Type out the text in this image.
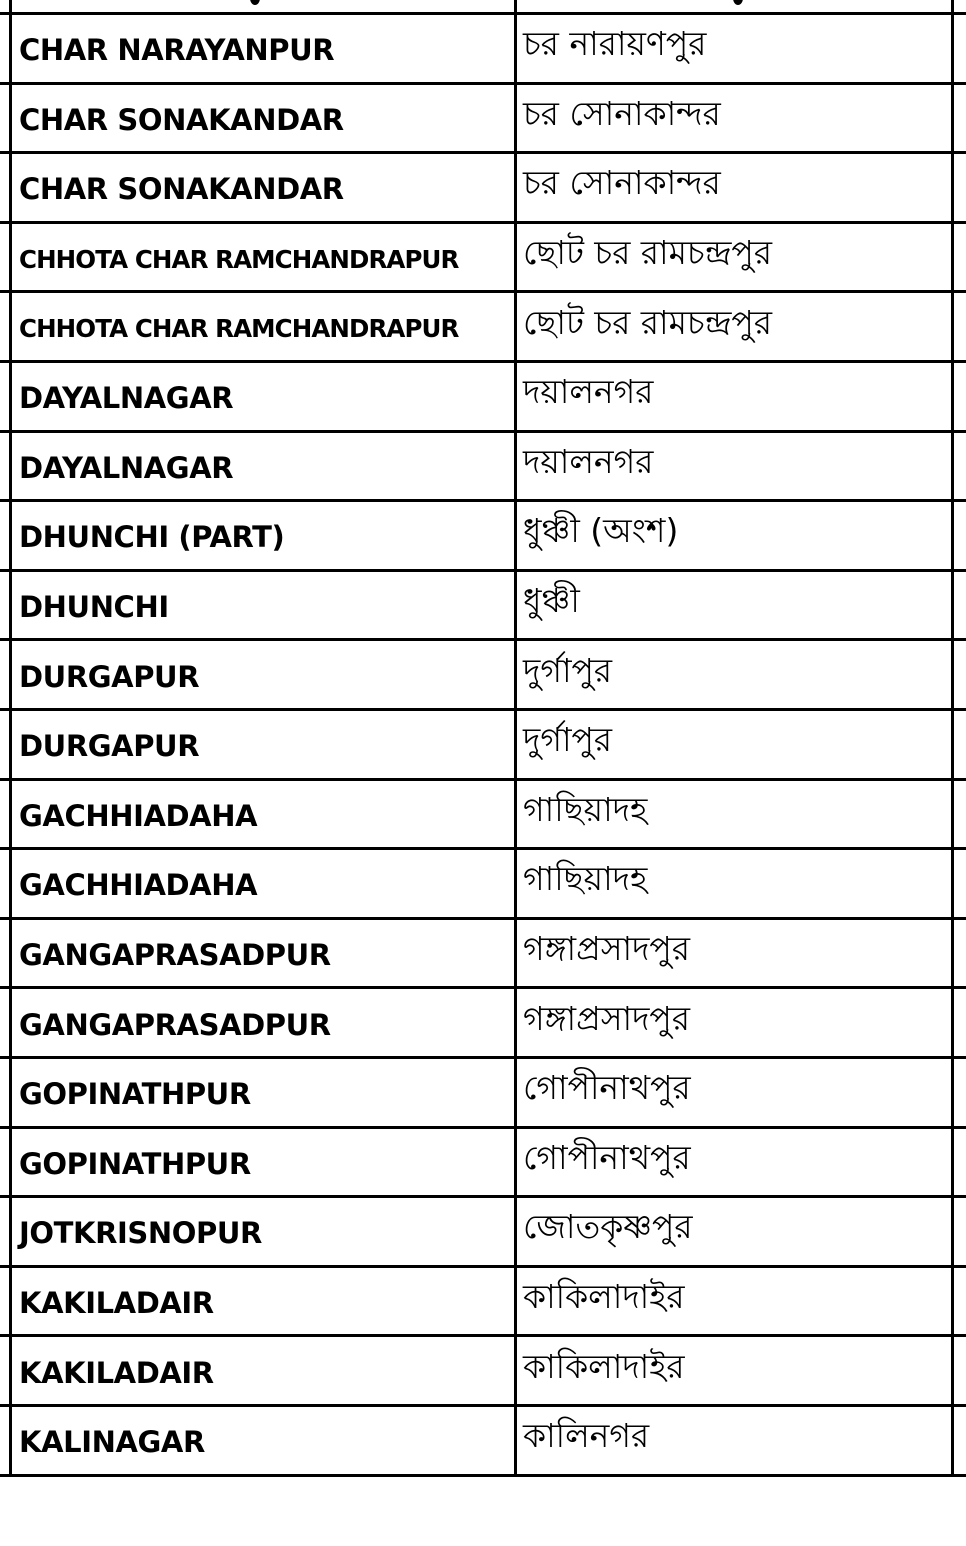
CHAR NARAYANPUR	চর নারায়ণপুর
CHAR SONAKANDAR	চর সোনাকান্দর
CHAR SONAKANDAR	চর সোনাকান্দর
CHHOTA CHAR RAMCHANDRAPUR	ছোট চর রামচন্দ্রপুর
CHHOTA CHAR RAMCHANDRAPUR	ছোট চর রামচন্দ্রপুর
DAYALNAGAR	দয়ালনগর
DAYALNAGAR	দয়ালনগর
DHUNCHI (PART)	ধুঞ্চী (অংশ)
DHUNCHI	ধুঞ্চী
DURGAPUR	দুর্গাপুর
DURGAPUR	দুর্গাপুর
GACHHIADAHA	গাছিয়াদহ
GACHHIADAHA	গাছিয়াদহ
GANGAPRASADPUR	গঙ্গাপ্রসাদপুর
GANGAPRASADPUR	গঙ্গাপ্রসাদপুর
GOPINATHPUR	গোপীনাথপুর
GOPINATHPUR	গোপীনাথপুর
JOTKRISNOPUR	জোতকৃষ্ণপুর
KAKILADAIR	কাকিলাদাইর
KAKILADAIR	কাকিলাদাইর
KALINAGAR	কালিনগর
